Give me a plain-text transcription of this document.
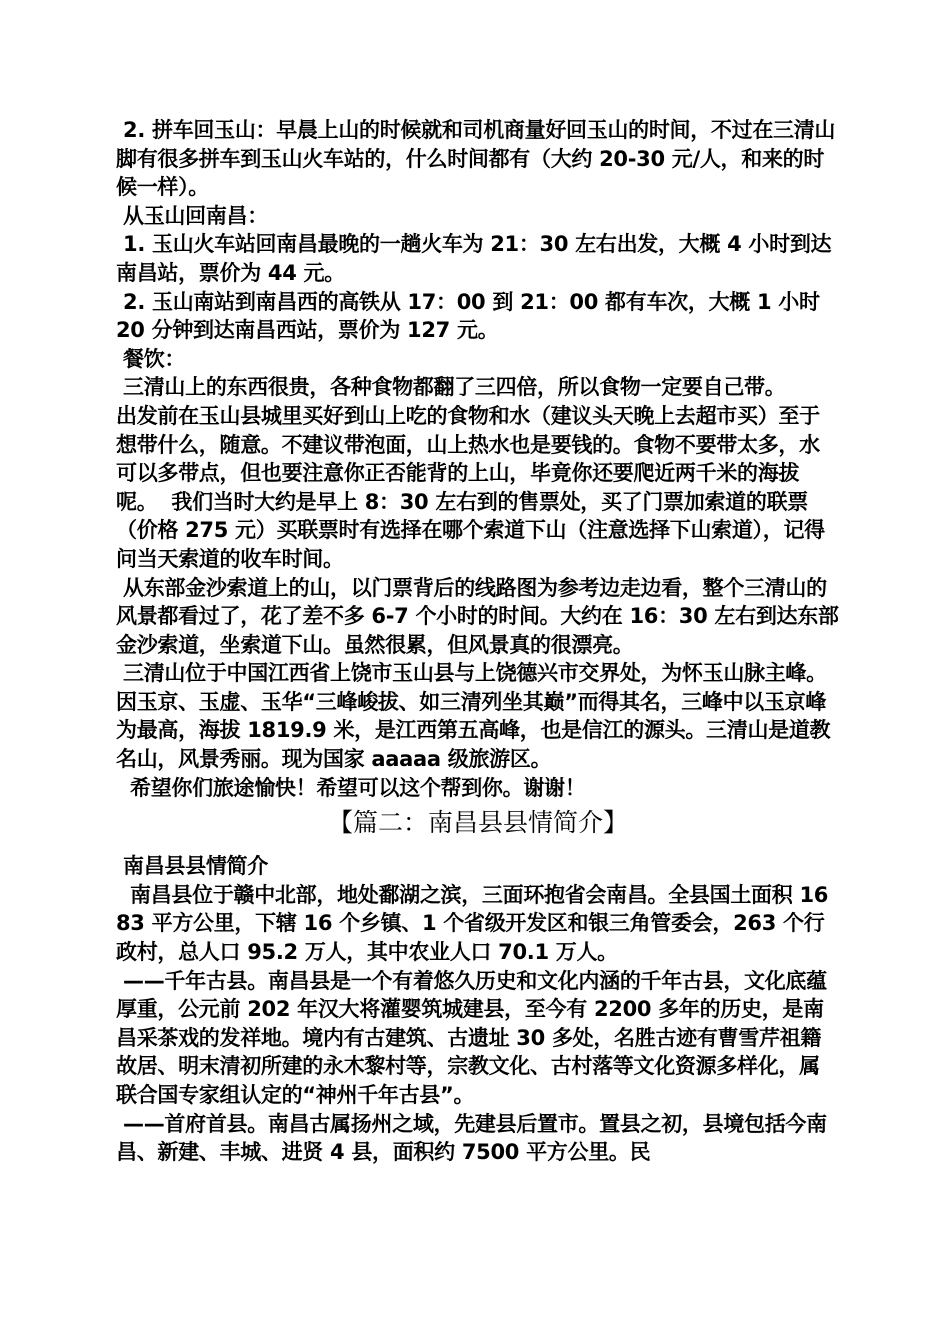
2. 拼车回玉山：早晨上山的时候就和司机商量好回玉山的时间，不过在三清山脚有很多拼车到玉山火车站的，什么时间都有（大约 20-30 元/人，和来的时候一样）。

从玉山回南昌：

1. 玉山火车站回南昌最晚的一趟火车为 21：30 左右出发，大概 4 小时到达南昌站，票价为 44 元。

2. 玉山南站到南昌西的高铁从 17：00 到 21：00 都有车次，大概 1 小时 20 分钟到达南昌西站，票价为 127 元。

餐饮：

三清山上的东西很贵，各种食物都翻了三四倍，所以食物一定要自己带。

出发前在玉山县城里买好到山上吃的食物和水（建议头天晚上去超市买）至于想带什么，随意。不建议带泡面，山上热水也是要钱的。食物不要带太多，水可以多带点，但也要注意你正否能背的上山，毕竟你还要爬近两千米的海拔呢。  我们当时大约是早上 8：30 左右到的售票处，买了门票加索道的联票（价格 275 元）买联票时有选择在哪个索道下山（注意选择下山索道），记得问当天索道的收车时间。

从东部金沙索道上的山，以门票背后的线路图为参考边走边看，整个三清山的风景都看过了，花了差不多 6-7 个小时的时间。大约在 16：30 左右到达东部金沙索道，坐索道下山。虽然很累，但风景真的很漂亮。

三清山位于中国江西省上饶市玉山县与上饶德兴市交界处，为怀玉山脉主峰。因玉京、玉虚、玉华“三峰峻拔、如三清列坐其巅”而得其名，三峰中以玉京峰为最高，海拔 1819.9 米，是江西第五高峰，也是信江的源头。三清山是道教名山，风景秀丽。现为国家 aaaaa 级旅游区。

希望你们旅途愉快！希望可以这个帮到你。谢谢！

【篇二：南昌县县情简介】

南昌县县情简介

南昌县位于赣中北部，地处鄱湖之滨，三面环抱省会南昌。全县国土面积 1683 平方公里，下辖 16 个乡镇、1 个省级开发区和银三角管委会，263 个行政村，总人口 95.2 万人，其中农业人口 70.1 万人。

——千年古县。南昌县是一个有着悠久历史和文化内涵的千年古县，文化底蕴厚重，公元前 202 年汉大将灌婴筑城建县，至今有 2200 多年的历史，是南昌采茶戏的发祥地。境内有古建筑、古遗址 30 多处，名胜古迹有曹雪芹祖籍故居、明末清初所建的永木黎村等，宗教文化、古村落等文化资源多样化，属联合国专家组认定的“神州千年古县”。

——首府首县。南昌古属扬州之域，先建县后置市。置县之初，县境包括今南昌、新建、丰城、进贤 4 县，面积约 7500 平方公里。民
